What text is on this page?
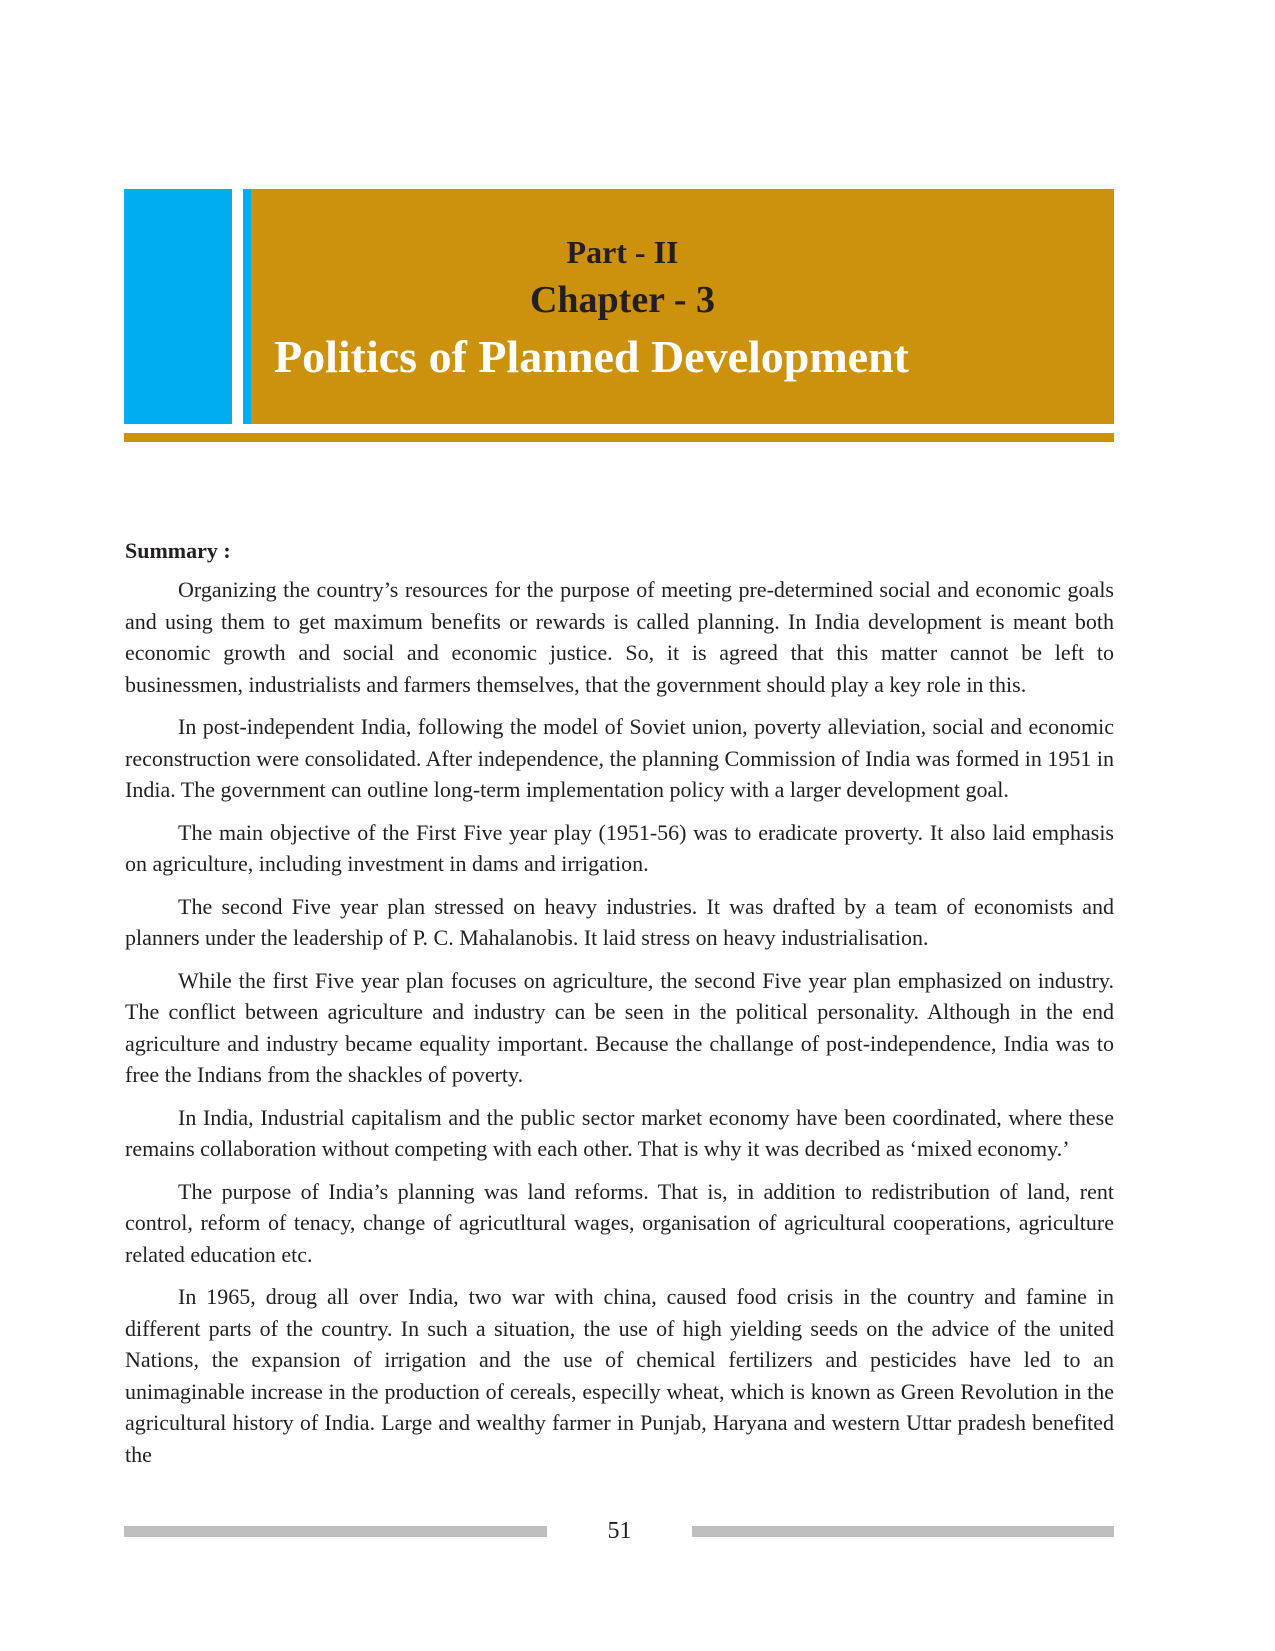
Part - II
Chapter - 3
Politics of Planned Development
Summary :

Organizing the country’s resources for the purpose of meeting pre-determined social and economic goals and using them to get maximum benefits or rewards is called planning. In India development is meant both economic growth and social and economic justice. So, it is agreed that this matter cannot be left to businessmen, industrialists and farmers themselves, that the government should play a key role in this.

In post-independent India, following the model of Soviet union, poverty alleviation, social and economic reconstruction were consolidated. After independence, the planning Commission of India was formed in 1951 in India. The government can outline long-term implementation policy with a larger development goal.

The main objective of the First Five year play (1951-56) was to eradicate proverty. It also laid emphasis on agriculture, including investment in dams and irrigation.

The second Five year plan stressed on heavy industries. It was drafted by a team of economists and planners under the leadership of P. C. Mahalanobis. It laid stress on heavy industrialisation.

While the first Five year plan focuses on agriculture, the second Five year plan emphasized on industry. The conflict between agriculture and industry can be seen in the political personality. Although in the end agriculture and industry became equality important. Because the challange of post-independence, India was to free the Indians from the shackles of poverty.

In India, Industrial capitalism and the public sector market economy have been coordinated, where these remains collaboration without competing with each other. That is why it was decribed as ‘mixed economy.’

The purpose of India’s planning was land reforms. That is, in addition to redistribution of land, rent control, reform of tenacy, change of agricutltural wages, organisation of agricultural cooperations, agriculture related education etc.

In 1965, droug all over India, two war with china, caused food crisis in the country and famine in different parts of the country. In such a situation, the use of high yielding seeds on the advice of the united Nations, the expansion of irrigation and the use of chemical fertilizers and pesticides have led to an unimaginable increase in the production of cereals, especilly wheat, which is known as Green Revolution in the agricultural history of India. Large and wealthy farmer in Punjab, Haryana and western Uttar pradesh benefited the

51
